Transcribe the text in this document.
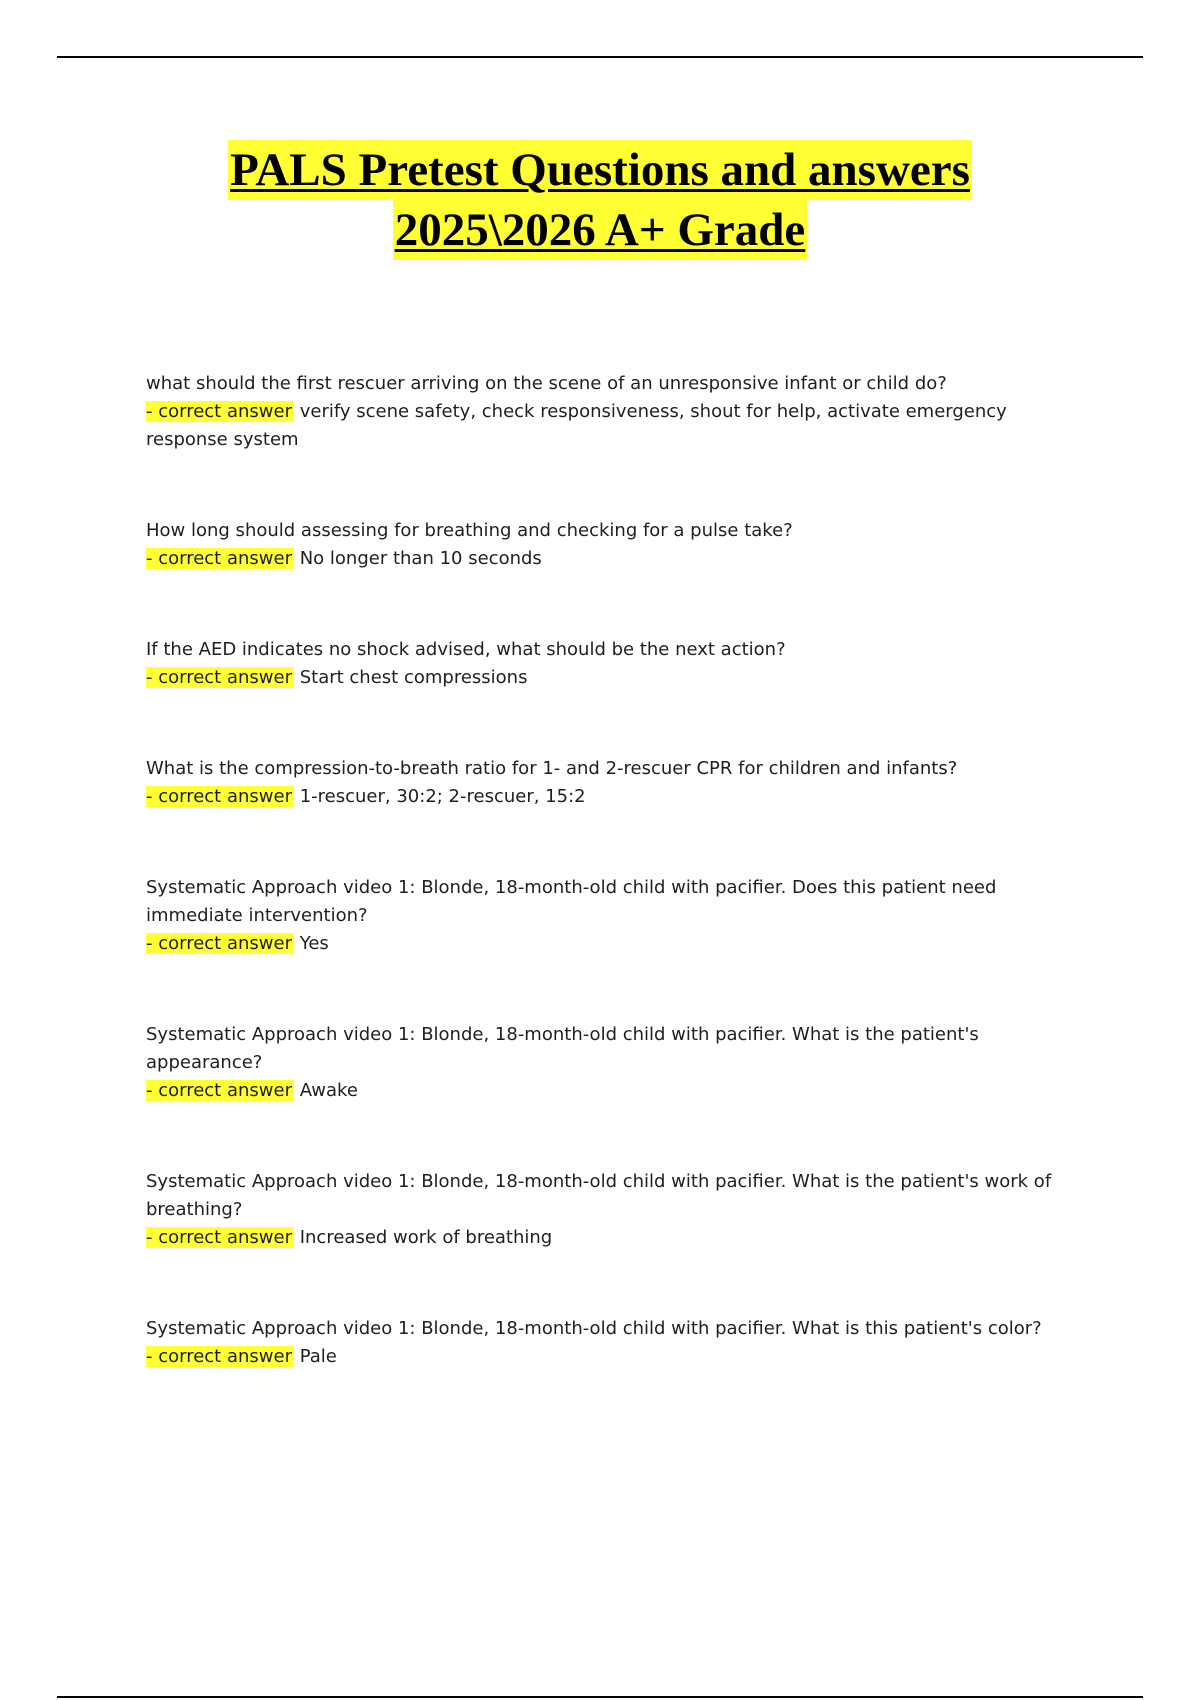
PALS Pretest Questions and answers
2025\2026 A+ Grade

what should the first rescuer arriving on the scene of an unresponsive infant or child do?

- correct answer verify scene safety, check responsiveness, shout for help, activate emergency response system

How long should assessing for breathing and checking for a pulse take?

- correct answer No longer than 10 seconds

If the AED indicates no shock advised, what should be the next action?

- correct answer Start chest compressions

What is the compression-to-breath ratio for 1- and 2-rescuer CPR for children and infants?

- correct answer 1-rescuer, 30:2; 2-rescuer, 15:2

Systematic Approach video 1: Blonde, 18-month-old child with pacifier. Does this patient need immediate intervention?

- correct answer Yes

Systematic Approach video 1: Blonde, 18-month-old child with pacifier. What is the patient's appearance?

- correct answer Awake

Systematic Approach video 1: Blonde, 18-month-old child with pacifier. What is the patient's work of breathing?

- correct answer Increased work of breathing

Systematic Approach video 1: Blonde, 18-month-old child with pacifier. What is this patient's color?

- correct answer Pale
